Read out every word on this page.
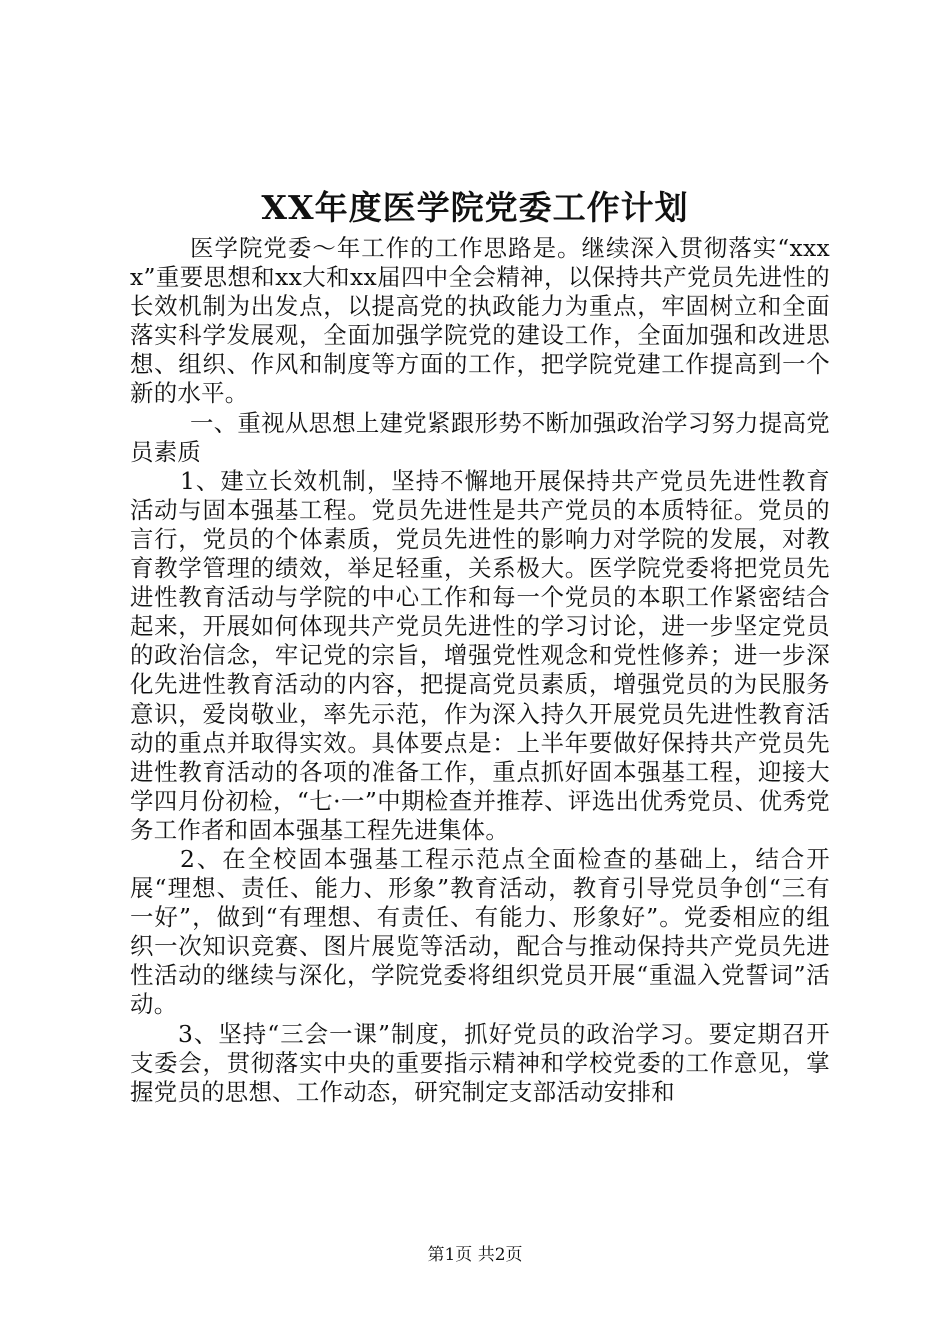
XX年度医学院党委工作计划

医学院党委～年工作的工作思路是。继续深入贯彻落实“xxxx”重要思想和xx大和xx届四中全会精神，以保持共产党员先进性的长效机制为出发点，以提高党的执政能力为重点，牢固树立和全面落实科学发展观，全面加强学院党的建设工作，全面加强和改进思想、组织、作风和制度等方面的工作，把学院党建工作提高到一个新的水平。

一、重视从思想上建党紧跟形势不断加强政治学习努力提高党员素质

1、建立长效机制，坚持不懈地开展保持共产党员先进性教育活动与固本强基工程。党员先进性是共产党员的本质特征。党员的言行，党员的个体素质，党员先进性的影响力对学院的发展，对教育教学管理的绩效，举足轻重，关系极大。医学院党委将把党员先进性教育活动与学院的中心工作和每一个党员的本职工作紧密结合起来，开展如何体现共产党员先进性的学习讨论，进一步坚定党员的政治信念，牢记党的宗旨，增强党性观念和党性修养；进一步深化先进性教育活动的内容，把提高党员素质，增强党员的为民服务意识，爱岗敬业，率先示范，作为深入持久开展党员先进性教育活动的重点并取得实效。具体要点是：上半年要做好保持共产党员先进性教育活动的各项的准备工作，重点抓好固本强基工程，迎接大学四月份初检，“七·一”中期检查并推荐、评选出优秀党员、优秀党务工作者和固本强基工程先进集体。

2、在全校固本强基工程示范点全面检查的基础上，结合开展“理想、责任、能力、形象”教育活动，教育引导党员争创“三有一好”，做到“有理想、有责任、有能力、形象好”。党委相应的组织一次知识竞赛、图片展览等活动，配合与推动保持共产党员先进性活动的继续与深化，学院党委将组织党员开展“重温入党誓词”活动。

3、坚持“三会一课”制度，抓好党员的政治学习。要定期召开支委会，贯彻落实中央的重要指示精神和学校党委的工作意见，掌握党员的思想、工作动态，研究制定支部活动安排和

第1页 共2页
